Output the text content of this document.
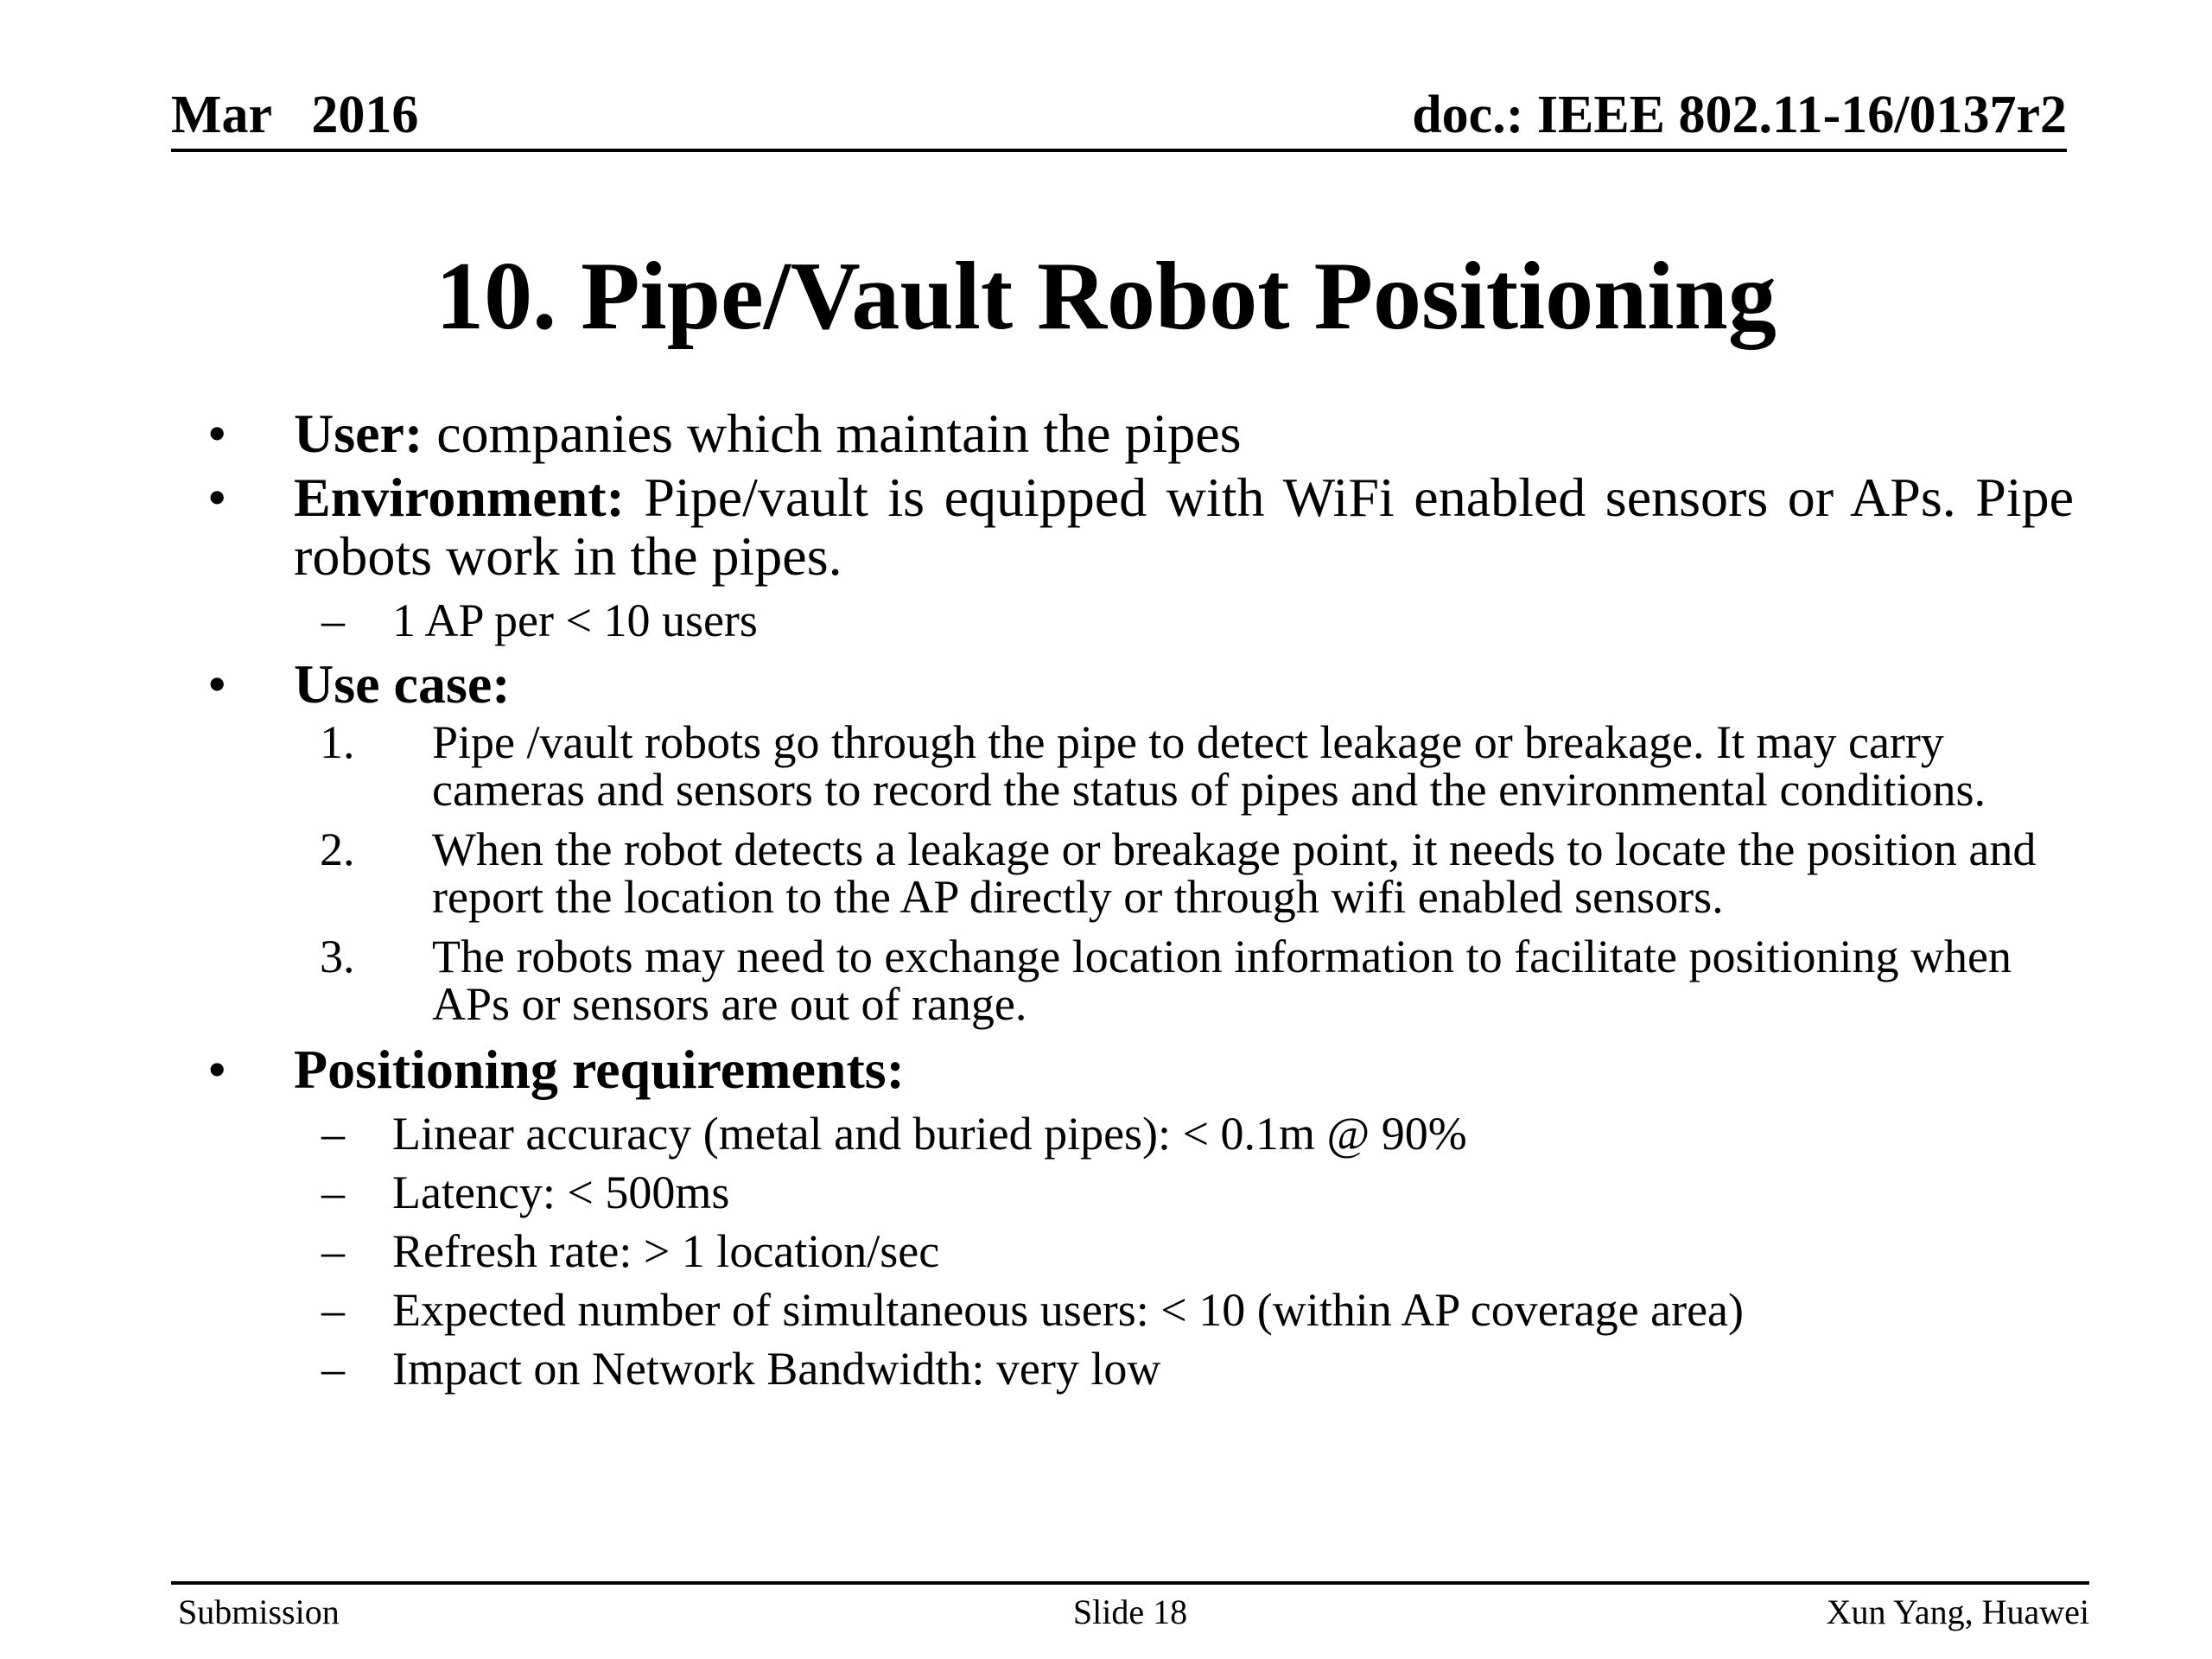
Mar   2016	doc.: IEEE 802.11-16/0137r2
10. Pipe/Vault Robot Positioning
• User: companies which maintain the pipes
• Environment: Pipe/vault is equipped with WiFi enabled sensors or APs. Pipe robots work in the pipes.
– 1 AP per < 10 users
• Use case:
1. Pipe /vault robots go through the pipe to detect leakage or breakage. It may carry cameras and sensors to record the status of pipes and the environmental conditions.
2. When the robot detects a leakage or breakage point, it needs to locate the position and report the location to the AP directly or through wifi enabled sensors.
3. The robots may need to exchange location information to facilitate positioning when APs or sensors are out of range.
• Positioning requirements:
– Linear accuracy (metal and buried pipes): < 0.1m @ 90%
– Latency: < 500ms
– Refresh rate: > 1 location/sec
– Expected number of simultaneous users: < 10 (within AP coverage area)
– Impact on Network Bandwidth: very low
Submission	Slide 18	Xun Yang, Huawei
